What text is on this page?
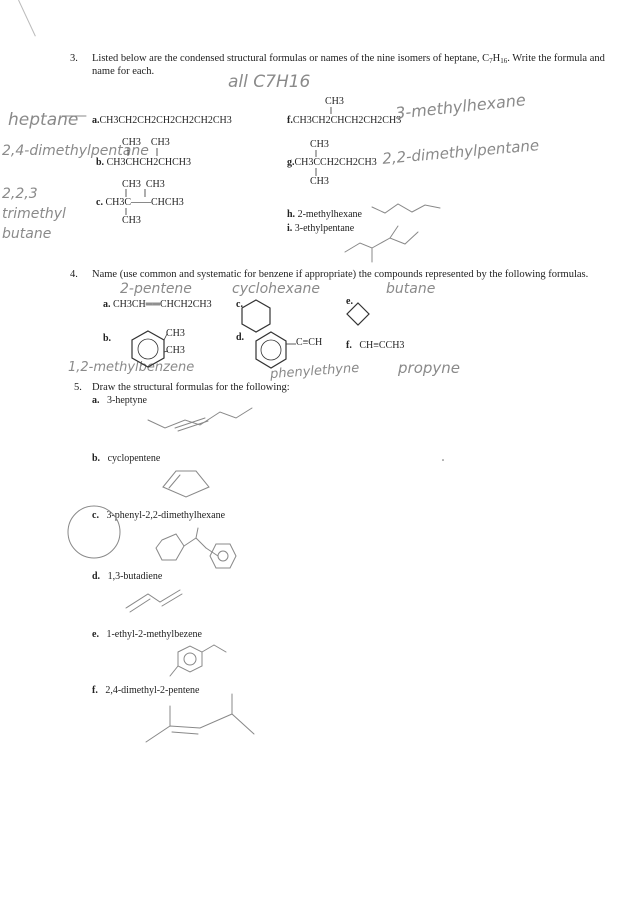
3. Listed below are the condensed structural formulas or names of the nine isomers of heptane, $C_7H_{16}$. Write the formula and
name for each.
all C7H16
heptane a.CH3CH2CH2CH2CH2CH2CH3
CH3    CH3
2,4-dimethylpentane
b. CH3CHCH2CHCH3
CH3  CH3
2,2,3 trimethyl butane
c. CH3C——CHCH3
CH3
CH3
f.CH3CH2CHCH2CH2CH3
3-methylhexane
CH3
g.CH3CCH2CH2CH3
CH3
2,2-dimethylpentane
h. 2-methylhexane
i. 3-ethylpentane
4. Name (use common and systematic for benzene if appropriate) the compounds represented by the following formulas.
2-pentene	cyclohexane	butane
a. CH3CH══CHCH2CH3 c.	e.
b.	CH3
CH3
d.	C≡CH f. CH≡CCH3
1,2-methylbenzene	phenylethyne	propyne
5. Draw the structural formulas for the following:
a. 3-heptyne
b. cyclopentene
c. 3-phenyl-2,2-dimethylhexane
d. 1,3-butadiene
e. 1-ethyl-2-methylbezene
f. 2,4-dimethyl-2-pentene
